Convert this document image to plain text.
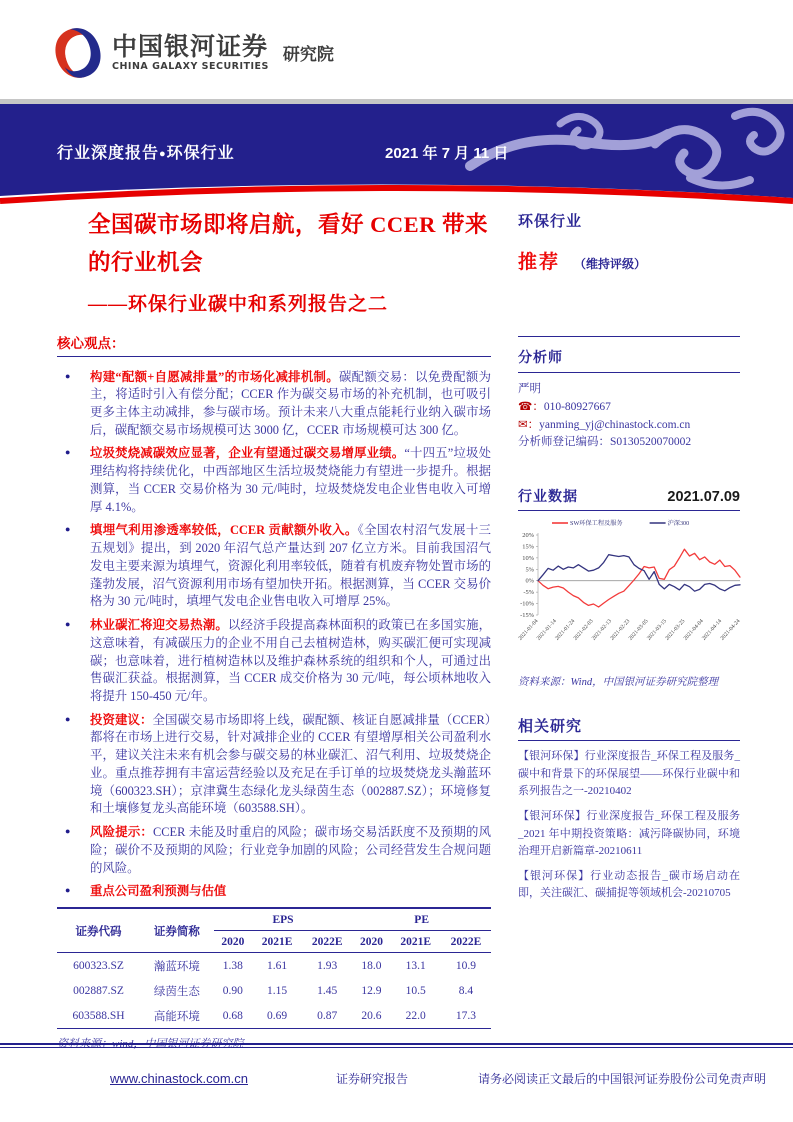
中国银河证券
CHINA GALAXY SECURITIES
研究院
行业深度报告●环保行业	2021 年 7 月 11 日
全国碳市场即将启航，看好 CCER 带来的行业机会
——环保行业碳中和系列报告之二
核心观点：
● 构建“配额+自愿减排量”的市场化减排机制。碳配额交易：以免费配额为主，将适时引入有偿分配；CCER 作为碳交易市场的补充机制，也可吸引更多主体主动减排，参与碳市场。预计未来八大重点能耗行业纳入碳市场后，碳配额交易市场规模可达 3000 亿，CCER 市场规模可达 300 亿。
● 垃圾焚烧减碳效应显著，企业有望通过碳交易增厚业绩。“十四五”垃圾处理结构将持续优化，中西部地区生活垃圾焚烧能力有望进一步提升。根据测算，当 CCER 交易价格为 30 元/吨时，垃圾焚烧发电企业售电收入可增厚 4.1%。
● 填埋气利用渗透率较低，CCER 贡献额外收入。《全国农村沼气发展十三五规划》提出，到 2020 年沼气总产量达到 207 亿立方米。目前我国沼气发电主要来源为填埋气，资源化利用率较低，随着有机废弃物处置市场的蓬勃发展，沼气资源利用市场有望加快开拓。根据测算，当 CCER 交易价格为 30 元/吨时，填埋气发电企业售电收入可增厚 25%。
● 林业碳汇将迎交易热潮。以经济手段提高森林面积的政策已在多国实施，这意味着，有减碳压力的企业不用自己去植树造林，购买碳汇便可实现减碳；也意味着，进行植树造林以及维护森林系统的组织和个人，可通过出售碳汇获益。根据测算，当 CCER 成交价格为 30 元/吨，每公顷林地收入将提升 150-450 元/年。
● 投资建议：全国碳交易市场即将上线，碳配额、核证自愿减排量（CCER）都将在市场上进行交易，针对减排企业的 CCER 有望增厚相关公司盈利水平，建议关注未来有机会参与碳交易的林业碳汇、沼气利用、垃圾焚烧企业。重点推荐拥有丰富运营经验以及充足在手订单的垃圾焚烧龙头瀚蓝环境（600323.SH）；京津冀生态绿化龙头绿茵生态（002887.SZ）；环境修复和土壤修复龙头高能环境（603588.SH）。
● 风险提示：CCER 未能及时重启的风险；碳市场交易活跃度不及预期的风险；碳价不及预期的风险；行业竞争加剧的风险；公司经营发生合规问题的风险。
● 重点公司盈利预测与估值
证券代码	证券简称	EPS			PE		
		2020	2021E	2022E	2020	2021E	2022E
600323.SZ	瀚蓝环境	1.38	1.61	1.93	18.0	13.1	10.9
002887.SZ	绿茵生态	0.90	1.15	1.45	12.9	10.5	8.4
603588.SH	高能环境	0.68	0.69	0.87	20.6	22.0	17.3
资料来源：wind，中国银河证券研究院
环保行业
推荐 （维持评级）
分析师
严明
☎：010-80927667
✉：yanming_yj@chinastock.com.cn
分析师登记编码：S0130520070002
行业数据	2021.07.09
SW环保工程及服务	沪深300
20%
15%
10%
5%
0%
-5%
-10%
-15%
2021-01-04
2021-01-14
2021-01-24
2021-02-03
2021-02-13
2021-02-23
2021-03-05
2021-03-15
2021-03-25
2021-04-04
2021-04-14
2021-04-24
资料来源：Wind，中国银河证券研究院整理
相关研究
【银河环保】行业深度报告_环保工程及服务_碳中和背景下的环保展望——环保行业碳中和系列报告之一-20210402
【银河环保】行业深度报告_环保工程及服务_2021 年中期投资策略：减污降碳协同，环境治理开启新篇章-20210611
【银河环保】行业动态报告_碳市场启动在即，关注碳汇、碳捕捉等领域机会-20210705
www.chinastock.com.cn	证券研究报告	请务必阅读正文最后的中国银河证券股份公司免责声明
